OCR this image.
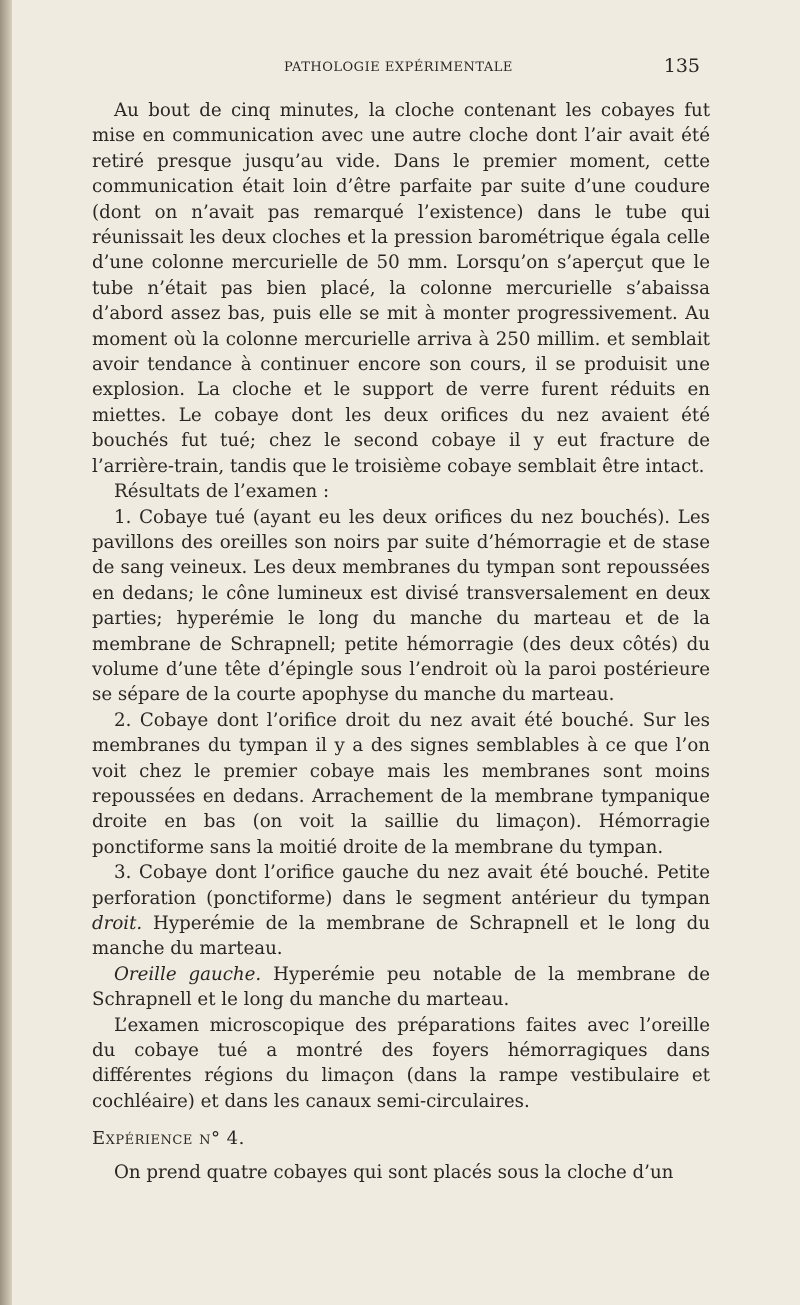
PATHOLOGIE EXPÉRIMENTALE	135

Au bout de cinq minutes, la cloche contenant les cobayes fut mise en communication avec une autre cloche dont l’air avait été retiré presque jusqu’au vide. Dans le premier moment, cette communication était loin d’être parfaite par suite d’une coudure (dont on n’avait pas remarqué l’existence) dans le tube qui réunissait les deux cloches et la pression barométrique égala celle d’une colonne mercurielle de 50 mm. Lorsqu’on s’aperçut que le tube n’était pas bien placé, la colonne mercurielle s’abaissa d’abord assez bas, puis elle se mit à monter progressivement. Au moment où la colonne mercurielle arriva à 250 millim. et semblait avoir tendance à continuer encore son cours, il se produisit une explosion. La cloche et le support de verre furent réduits en miettes. Le cobaye dont les deux orifices du nez avaient été bouchés fut tué; chez le second cobaye il y eut fracture de l’arrière-train, tandis que le troisième cobaye semblait être intact.

Résultats de l’examen :

1. Cobaye tué (ayant eu les deux orifices du nez bouchés). Les pavillons des oreilles son noirs par suite d’hémorragie et de stase de sang veineux. Les deux membranes du tympan sont repoussées en dedans; le cône lumineux est divisé transversalement en deux parties; hyperémie le long du manche du marteau et de la membrane de Schrapnell; petite hémorragie (des deux côtés) du volume d’une tête d’épingle sous l’endroit où la paroi postérieure se sépare de la courte apophyse du manche du marteau.

2. Cobaye dont l’orifice droit du nez avait été bouché. Sur les membranes du tympan il y a des signes semblables à ce que l’on voit chez le premier cobaye mais les membranes sont moins repoussées en dedans. Arrachement de la membrane tympanique droite en bas (on voit la saillie du limaçon). Hémorragie ponctiforme sans la moitié droite de la membrane du tympan.

3. Cobaye dont l’orifice gauche du nez avait été bouché. Petite perforation (ponctiforme) dans le segment antérieur du tympan droit. Hyperémie de la membrane de Schrapnell et le long du manche du marteau.

Oreille gauche. Hyperémie peu notable de la membrane de Schrapnell et le long du manche du marteau.

L’examen microscopique des préparations faites avec l’oreille du cobaye tué a montré des foyers hémorragiques dans différentes régions du limaçon (dans la rampe vestibulaire et cochléaire) et dans les canaux semi-circulaires.

Expérience n° 4.

On prend quatre cobayes qui sont placés sous la cloche d’un
